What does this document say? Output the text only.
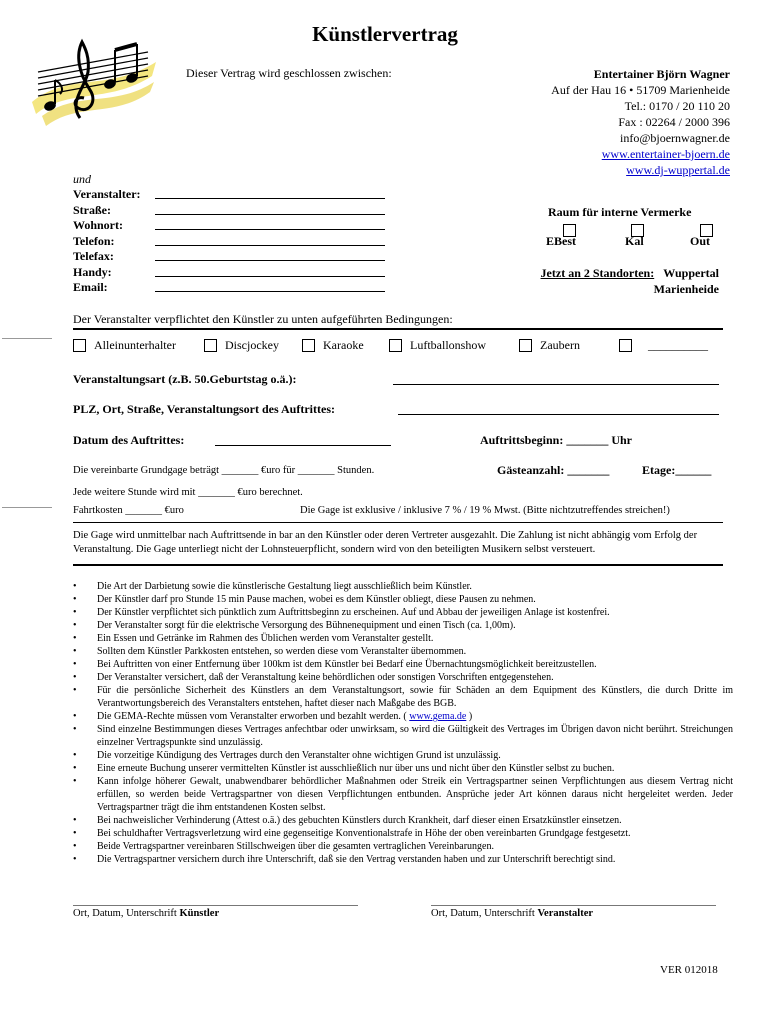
Künstlervertrag
Dieser Vertrag wird geschlossen zwischen:	Entertainer Björn Wagner
Auf der Hau 16 • 51709 Marienheide
Tel.: 0170 / 20 110 20
Fax : 02264 / 2000 396
info@bjoernwagner.de
www.entertainer-bjoern.de
www.dj-wuppertal.de
und
Veranstalter:
Straße:
Wohnort:
Telefon:
Telefax:
Handy:
Email:
Raum für interne Vermerke
EBest	Kal	Out
Jetzt an 2 Standorten: Wuppertal
Marienheide
Der Veranstalter verpflichtet den Künstler zu unten aufgeführten Bedingungen:
Alleinunterhalter	Discjockey	Karaoke	Luftballonshow	Zaubern	__________
Veranstaltungsart (z.B. 50.Geburtstag o.ä.):
PLZ, Ort, Straße, Veranstaltungsort des Auftrittes:
Datum des Auftrittes:	Auftrittsbeginn: _______ Uhr
Die vereinbarte Grundgage beträgt _______ €uro für _______ Stunden.	Gästeanzahl: _______	Etage:______
Jede weitere Stunde wird mit _______ €uro berechnet.
Fahrtkosten _______ €uro	Die Gage ist exklusive / inklusive 7 % / 19 % Mwst. (Bitte nichtzutreffendes streichen!)
Die Gage wird unmittelbar nach Auftrittsende in bar an den Künstler oder deren Vertreter ausgezahlt. Die Zahlung ist nicht abhängig vom Erfolg der Veranstaltung. Die Gage unterliegt nicht der Lohnsteuerpflicht, sondern wird von den beteiligten Musikern selbst versteuert.
• Die Art der Darbietung sowie die künstlerische Gestaltung liegt ausschließlich beim Künstler.
• Der Künstler darf pro Stunde 15 min Pause machen, wobei es dem Künstler obliegt, diese Pausen zu nehmen.
• Der Künstler verpflichtet sich pünktlich zum Auftrittsbeginn zu erscheinen. Auf und Abbau der jeweiligen Anlage ist kostenfrei.
• Der Veranstalter sorgt für die elektrische Versorgung des Bühnenequipment und einen Tisch (ca. 1,00m).
• Ein Essen und Getränke im Rahmen des Üblichen werden vom Veranstalter gestellt.
• Sollten dem Künstler Parkkosten entstehen, so werden diese vom Veranstalter übernommen.
• Bei Auftritten von einer Entfernung über 100km ist dem Künstler bei Bedarf eine Übernachtungsmöglichkeit bereitzustellen.
• Der Veranstalter versichert, daß der Veranstaltung keine behördlichen oder sonstigen Vorschriften entgegenstehen.
• Für die persönliche Sicherheit des Künstlers an dem Veranstaltungsort, sowie für Schäden an dem Equipment des Künstlers, die durch Dritte im Verantwortungsbereich des Veranstalters entstehen, haftet dieser nach Maßgabe des BGB.
• Die GEMA-Rechte müssen vom Veranstalter erworben und bezahlt werden. ( www.gema.de )
• Sind einzelne Bestimmungen dieses Vertrages anfechtbar oder unwirksam, so wird die Gültigkeit des Vertrages im Übrigen davon nicht berührt. Streichungen einzelner Vertragspunkte sind unzulässig.
• Die vorzeitige Kündigung des Vertrages durch den Veranstalter ohne wichtigen Grund ist unzulässig.
• Eine erneute Buchung unserer vermittelten Künstler ist ausschließlich nur über uns und nicht über den Künstler selbst zu buchen.
• Kann infolge höherer Gewalt, unabwendbarer behördlicher Maßnahmen oder Streik ein Vertragspartner seinen Verpflichtungen aus diesem Vertrag nicht erfüllen, so werden beide Vertragspartner von diesen Verpflichtungen entbunden. Ansprüche jeder Art können daraus nicht hergeleitet werden. Jeder Vertragspartner trägt die ihm entstandenen Kosten selbst.
• Bei nachweislicher Verhinderung (Attest o.ä.) des gebuchten Künstlers durch Krankheit, darf dieser einen Ersatzkünstler einsetzen.
• Bei schuldhafter Vertragsverletzung wird eine gegenseitige Konventionalstrafe in Höhe der oben vereinbarten Grundgage festgesetzt.
• Beide Vertragspartner vereinbaren Stillschweigen über die gesamten vertraglichen Vereinbarungen.
• Die Vertragspartner versichern durch ihre Unterschrift, daß sie den Vertrag verstanden haben und zur Unterschrift berechtigt sind.
Ort, Datum, Unterschrift Künstler	Ort, Datum, Unterschrift Veranstalter
VER 012018
